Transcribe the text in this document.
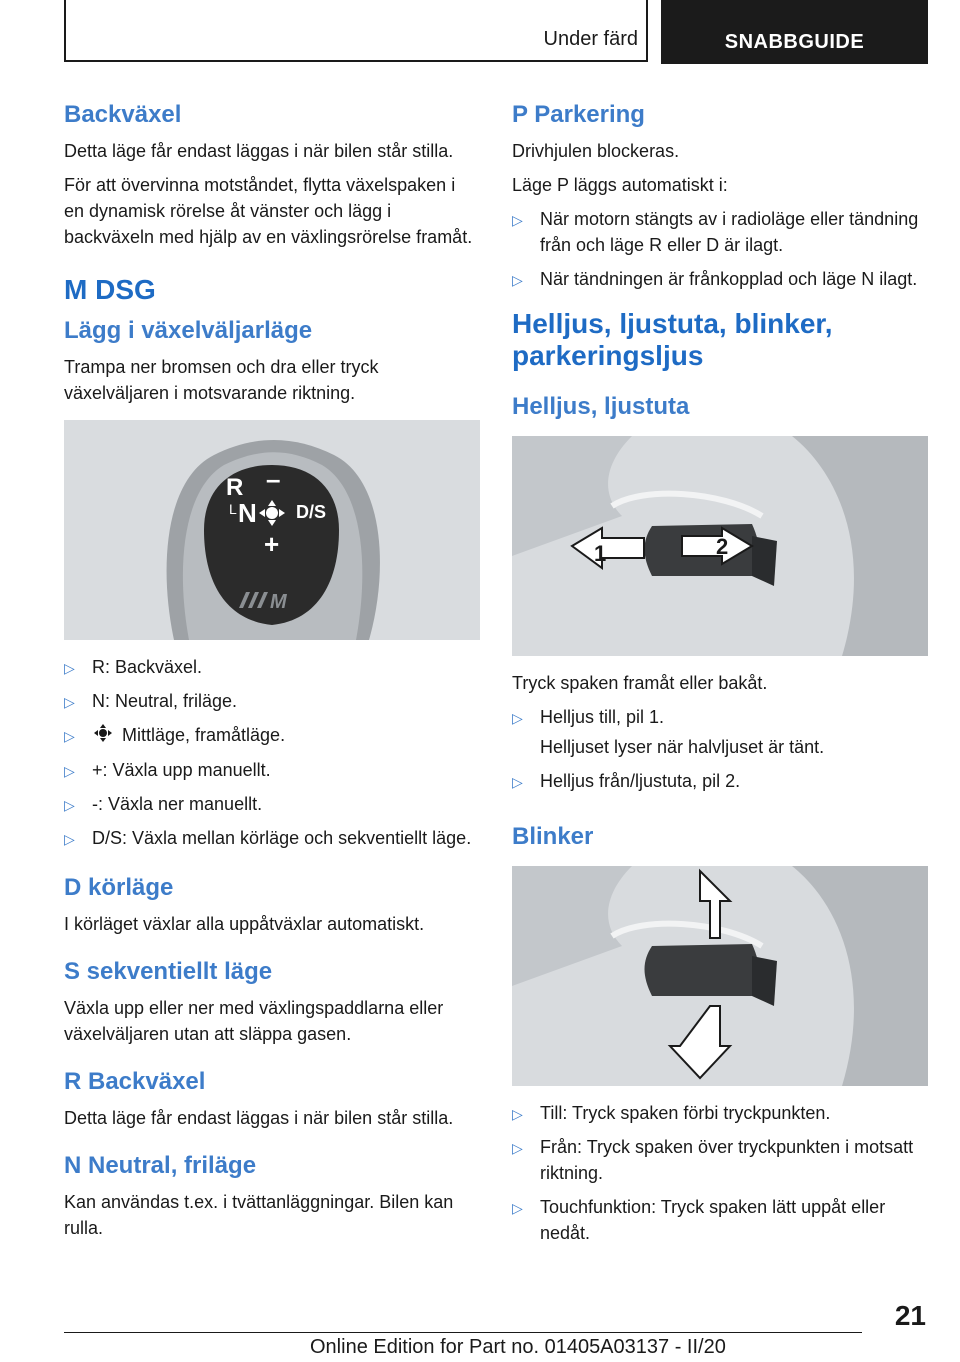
Under färd	SNABBGUIDE
Backväxel
Detta läge får endast läggas i när bilen står stilla.
För att övervinna motståndet, flytta växelspaken i en dynamisk rörelse åt vänster och lägg i backväxeln med hjälp av en växlingsrörelse framåt.
M DSG
Lägg i växelväljarläge
Trampa ner bromsen och dra eller tryck växelväljaren i motsvarande riktning.
R –
L N D/S
+
M
▷ R: Backväxel.
▷ N: Neutral, friläge.
▷	Mittläge, framåtläge.
▷ +: Växla upp manuellt.
▷ -: Växla ner manuellt.
▷ D/S: Växla mellan körläge och sekventiellt läge.
D körläge
I körläget växlar alla uppåtväxlar automatiskt.
S sekventiellt läge
Växla upp eller ner med växlingspaddlarna eller växelväljaren utan att släppa gasen.
R Backväxel
Detta läge får endast läggas i när bilen står stilla.
N Neutral, friläge
Kan användas t.ex. i tvättanläggningar. Bilen kan rulla.
P Parkering
Drivhjulen blockeras.
Läge P läggs automatiskt i:
▷ När motorn stängts av i radioläge eller tändning från och läge R eller D är ilagt.
▷ När tändningen är frånkopplad och läge N ilagt.
Helljus, ljustuta, blinker, parkeringsljus
Helljus, ljustuta
1	2
Tryck spaken framåt eller bakåt.
▷ Helljus till, pil 1.
Helljuset lyser när halvljuset är tänt.
▷ Helljus från/ljustuta, pil 2.
Blinker
▷ Till: Tryck spaken förbi tryckpunkten.
▷ Från: Tryck spaken över tryckpunkten i motsatt riktning.
▷ Touchfunktion: Tryck spaken lätt uppåt eller nedåt.
21
Online Edition for Part no. 01405A03137 - II/20
